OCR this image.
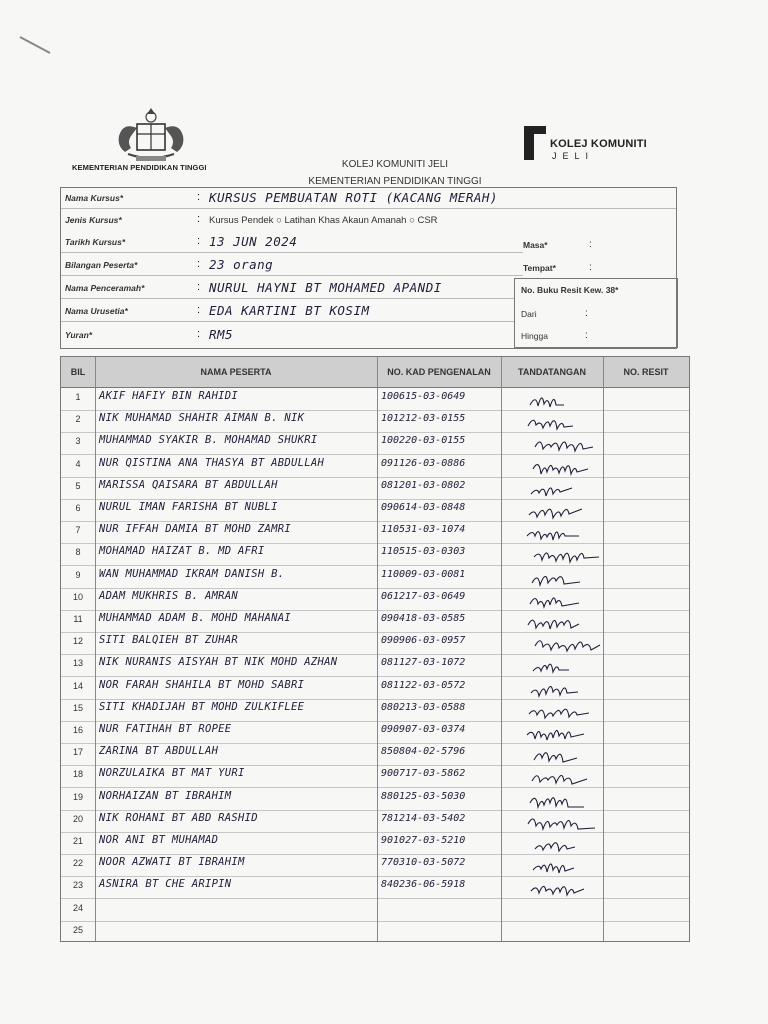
KEMENTERIAN PENDIDIKAN TINGGI	KOLEJ KOMUNITI JELI
KEMENTERIAN PENDIDIKAN TINGGI
KOLEJ KOMUNITI
JELI
Nama Kursus*	: KURSUS PEMBUATAN ROTI (KACANG MERAH)
Jenis Kursus*	: Kursus Pendek ○ Latihan Khas Akaun Amanah ○ CSR
Tarikh Kursus*	: 13 JUN 2024
Bilangan Peserta*	: 23 orang
Nama Penceramah*	: NURUL HAYNI BT MOHAMED APANDI
Nama Urusetia*	: EDA KARTINI BT KOSIM
Yuran*	: RM5
Masa*	:
Tempat*	:
No. Buku Resit Kew. 38*
Dari	:
Hingga	:
BIL	NAMA PESERTA	NO. KAD PENGENALAN	TANDATANGAN	NO. RESIT
1	AKIF HAFIY BIN RAHIDI	100615-03-0649
2	NIK MUHAMAD SHAHIR AIMAN B. NIK	101212-03-0155
3	MUHAMMAD SYAKIR B. MOHAMAD SHUKRI	100220-03-0155
4	NUR QISTINA ANA THASYA BT ABDULLAH	091126-03-0886
5	MARISSA QAISARA BT ABDULLAH	081201-03-0802
6	NURUL IMAN FARISHA BT NUBLI	090614-03-0848
7	NUR IFFAH DAMIA BT MOHD ZAMRI	110531-03-1074
8	MOHAMAD HAIZAT B. MD AFRI	110515-03-0303
9	WAN MUHAMMAD IKRAM DANISH B.	110009-03-0081
10	ADAM MUKHRIS B. AMRAN	061217-03-0649
11	MUHAMMAD ADAM B. MOHD MAHANAI	090418-03-0585
12	SITI BALQIEH BT ZUHAR	090906-03-0957
13	NIK NURANIS AISYAH BT NIK MOHD AZHAN	081127-03-1072
14	NOR FARAH SHAHILA BT MOHD SABRI	081122-03-0572
15	SITI KHADIJAH BT MOHD ZULKIFLEE	080213-03-0588
16	NUR FATIHAH BT ROPEE	090907-03-0374
17	ZARINA BT ABDULLAH	850804-02-5796
18	NORZULAIKA BT MAT YURI	900717-03-5862
19	NORHAIZAN BT IBRAHIM	880125-03-5030
20	NIK ROHANI BT ABD RASHID	781214-03-5402
21	NOR ANI BT MUHAMAD	901027-03-5210
22	NOOR AZWATI BT IBRAHIM	770310-03-5072
23	ASNIRA BT CHE ARIPIN	840236-06-5918
24
25
